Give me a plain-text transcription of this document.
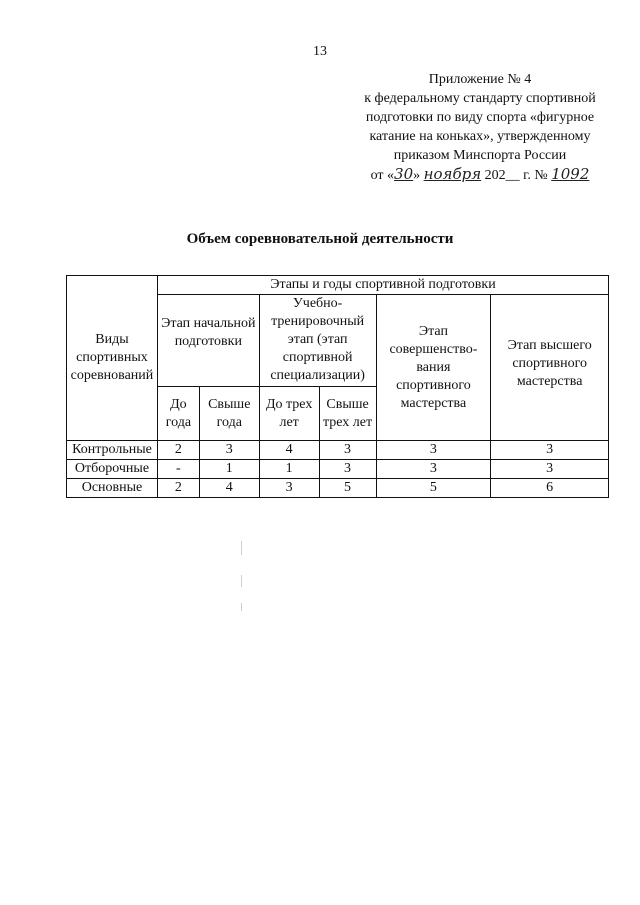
13
Приложение № 4
к федеральному стандарту спортивной
подготовки по виду спорта «фигурное
катание на коньках», утвержденному
приказом Минспорта России
от «30» ноября 202__ г. № 1092
Объем соревновательной деятельности
Виды спортивных соревнований	Этапы и годы спортивной подготовки					
	Этап начальной подготовки		Учебно-тренировочный этап (этап спортивной специализации)		Этап совершенство-вания спортивного мастерства	Этап высшего спортивного мастерства
	До года	Свыше года	До трех лет	Свыше трех лет		
Контрольные	2	3	4	3	3	3
Отборочные	-	1	1	3	3	3
Основные	2	4	3	5	5	6
